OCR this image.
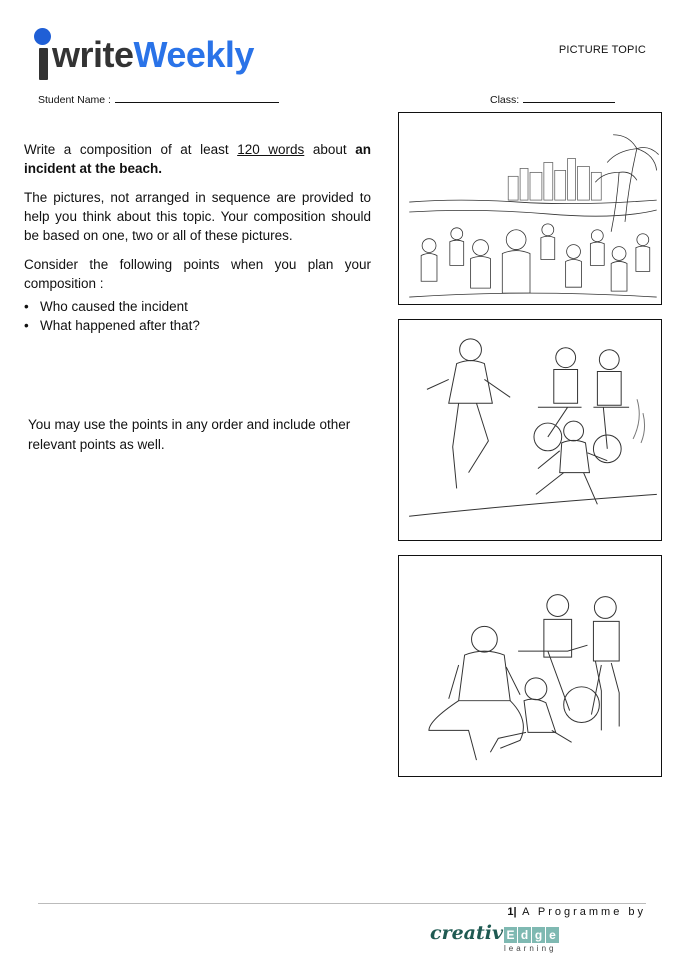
writeWeekly	PICTURE TOPIC
Student Name :	Class:

Write a composition of at least 120 words about an incident at the beach.

The pictures, not arranged in sequence are provided to help you think about this topic. Your composition should be based on one, two or all of these pictures.

Consider the following points when you plan your composition :

• Who caused the incident
• What happened after that?
You may use the points in any order and include other relevant points as well.
1| A Programme by
creativ E d g e
learning
